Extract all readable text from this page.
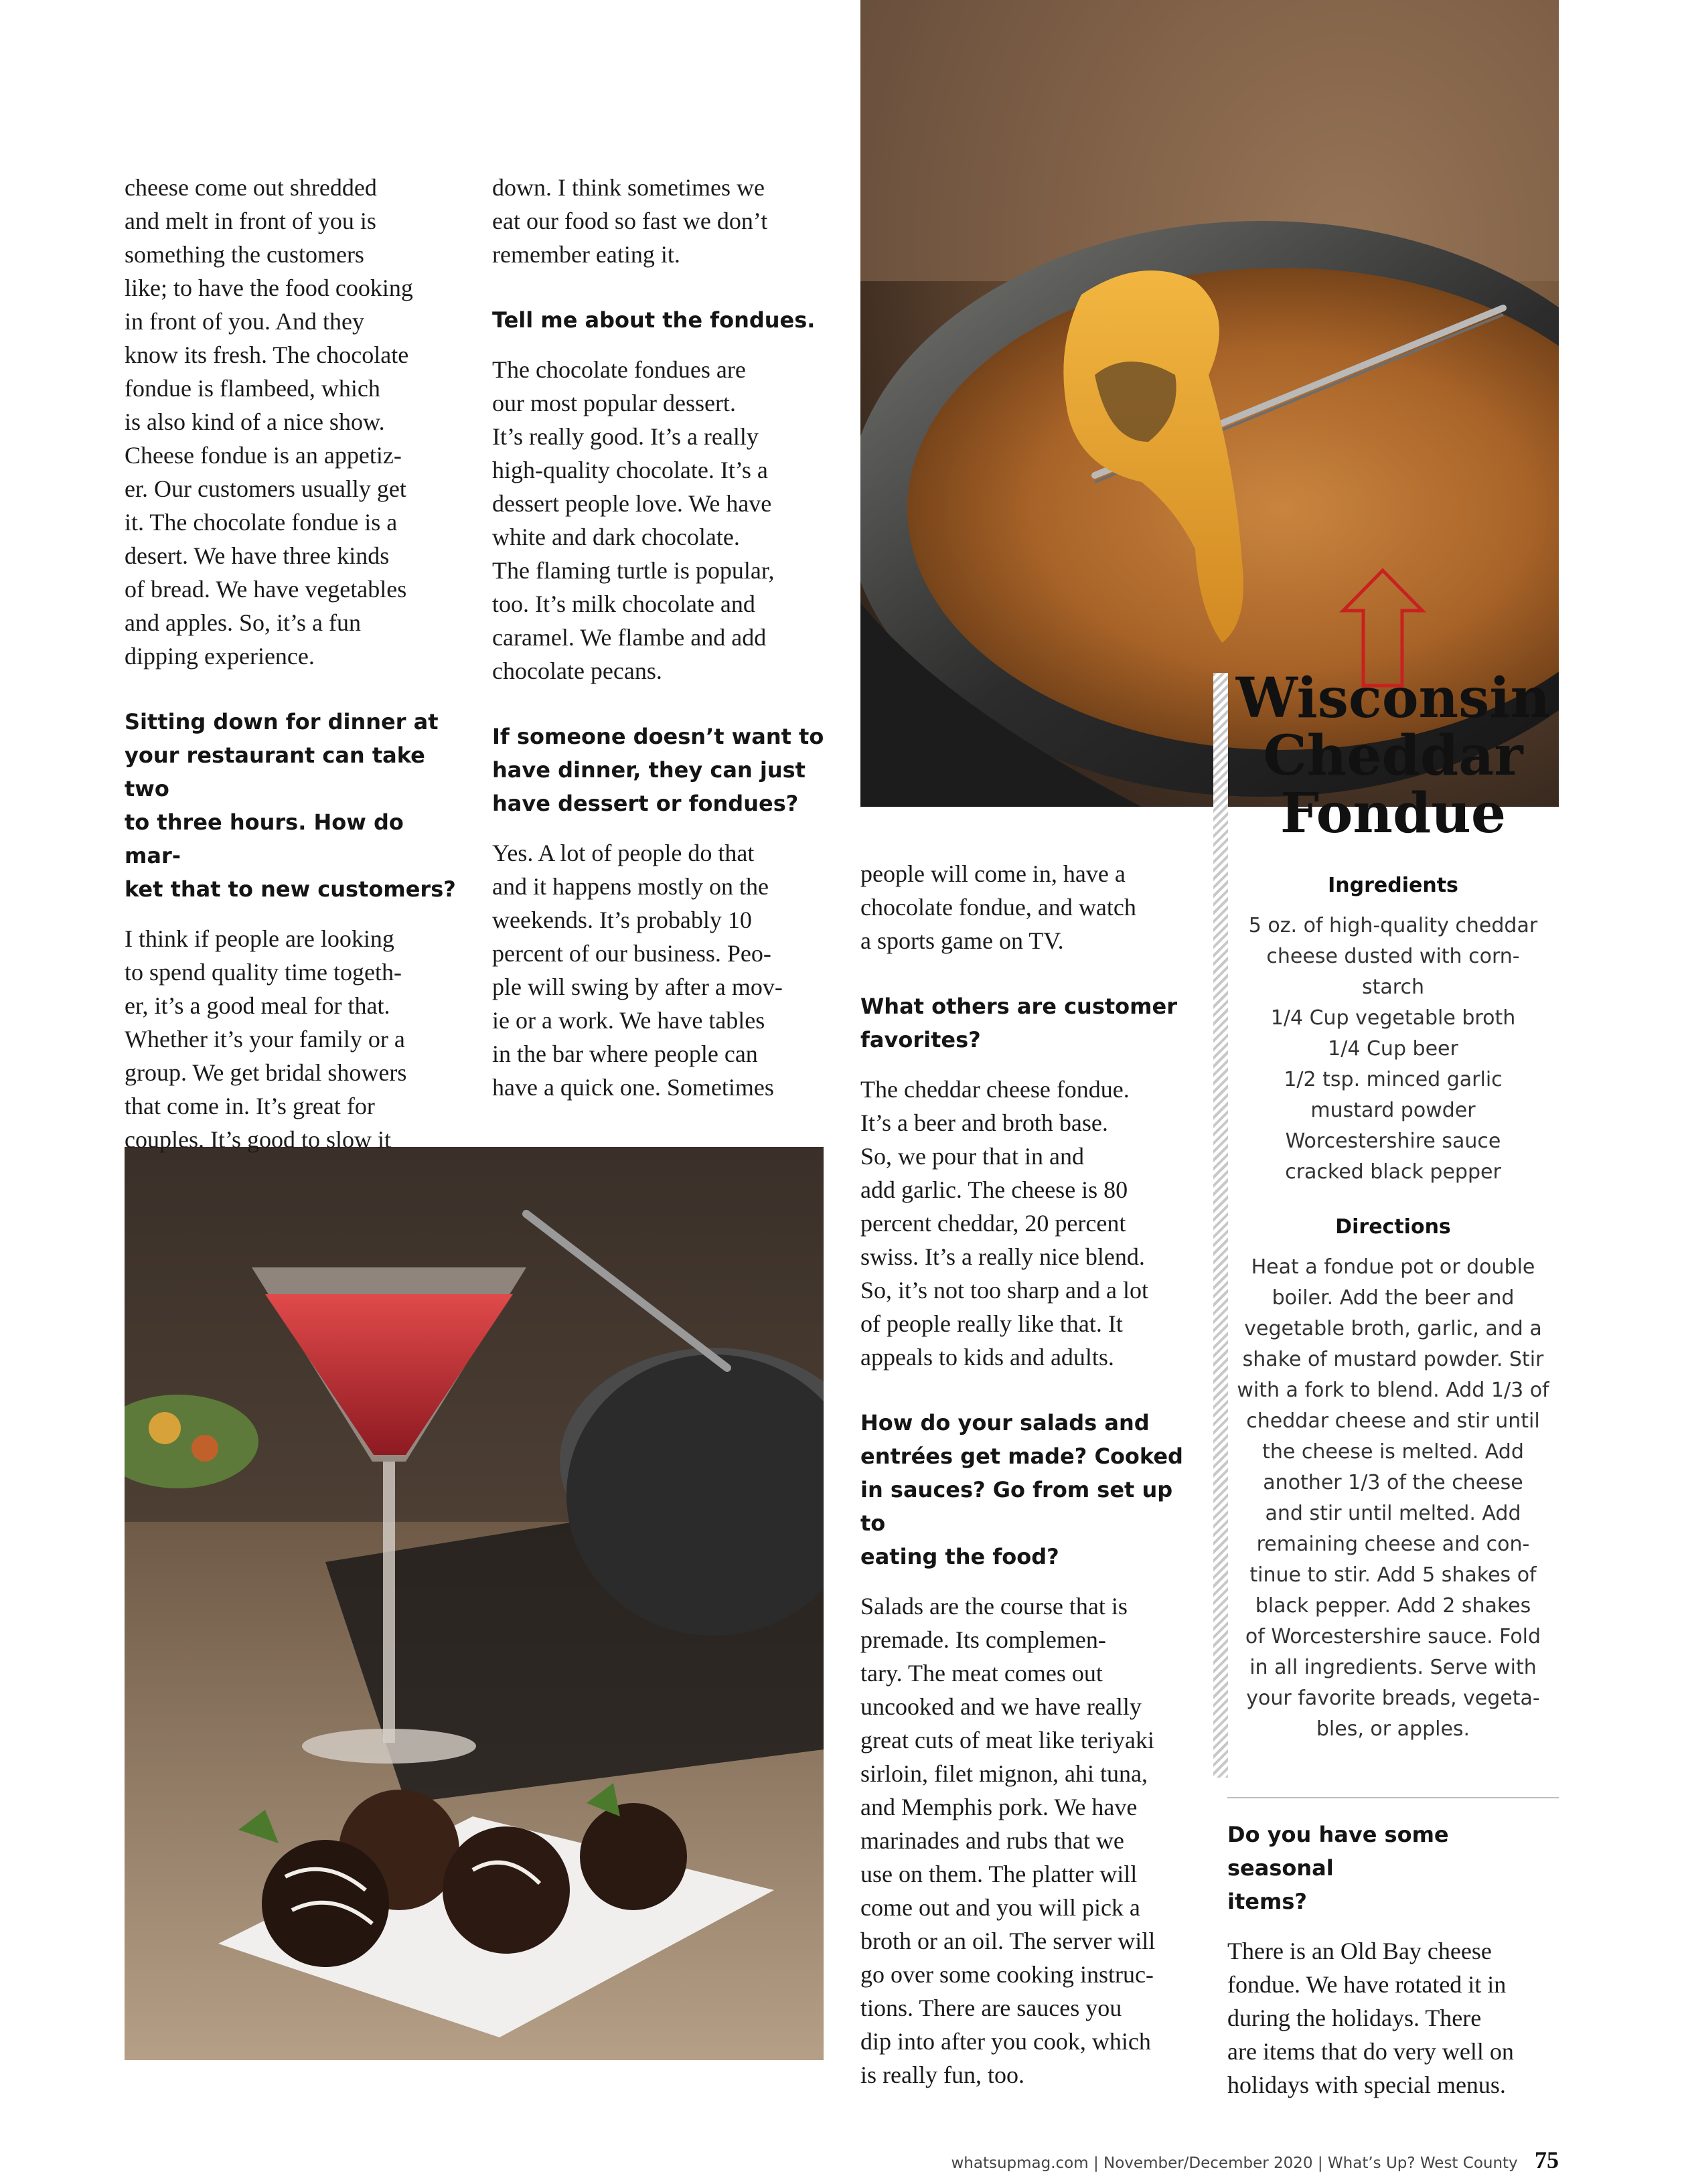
cheese come out shredded

and melt in front of you is

something the customers

like; to have the food cooking

in front of you. And they

know its fresh. The chocolate

fondue is flambeed, which

is also kind of a nice show.

Cheese fondue is an appetiz-

er. Our customers usually get

it. The chocolate fondue is a

desert. We have three kinds

of bread. We have vegetables

and apples. So, it’s a fun

dipping experience.

Sitting down for dinner at

your restaurant can take two

to three hours. How do mar-

ket that to new customers?

I think if people are looking

to spend quality time togeth-

er, it’s a good meal for that.

Whether it’s your family or a

group. We get bridal showers

that come in. It’s great for

couples. It’s good to slow it

down. I think sometimes we

eat our food so fast we don’t

remember eating it.

Tell me about the fondues.

The chocolate fondues are

our most popular dessert.

It’s really good. It’s a really

high-quality chocolate. It’s a

dessert people love. We have

white and dark chocolate.

The flaming turtle is popular,

too. It’s milk chocolate and

caramel. We flambe and add

chocolate pecans.

If someone doesn’t want to

have dinner, they can just

have dessert or fondues?

Yes. A lot of people do that

and it happens mostly on the

weekends. It’s probably 10

percent of our business. Peo-

ple will swing by after a mov-

ie or a work. We have tables

in the bar where people can

have a quick one. Sometimes

people will come in, have a

chocolate fondue, and watch

a sports game on TV.

What others are customer

favorites?

The cheddar cheese fondue.

It’s a beer and broth base.

So, we pour that in and

add garlic. The cheese is 80

percent cheddar, 20 percent

swiss. It’s a really nice blend.

So, it’s not too sharp and a lot

of people really like that. It

appeals to kids and adults.

How do your salads and

entrées get made? Cooked

in sauces? Go from set up to

eating the food?

Salads are the course that is

premade. Its complemen-

tary. The meat comes out

uncooked and we have really

great cuts of meat like teriyaki

sirloin, filet mignon, ahi tuna,

and Memphis pork. We have

marinades and rubs that we

use on them. The platter will

come out and you will pick a

broth or an oil. The server will

go over some cooking instruc-

tions. There are sauces you

dip into after you cook, which

is really fun, too.

Wisconsin

Cheddar

Fondue

Ingredients

5 oz. of high-quality cheddar

cheese dusted with corn-

starch

1/4 Cup vegetable broth

1/4 Cup beer

1/2 tsp. minced garlic

mustard powder

Worcestershire sauce

cracked black pepper

Directions

Heat a fondue pot or double

boiler. Add the beer and

vegetable broth, garlic, and a

shake of mustard powder. Stir

with a fork to blend. Add 1/3 of

cheddar cheese and stir until

the cheese is melted. Add

another 1/3 of the cheese

and stir until melted. Add

remaining cheese and con-

tinue to stir. Add 5 shakes of

black pepper. Add 2 shakes

of Worcestershire sauce. Fold

in all ingredients. Serve with

your favorite breads, vegeta-

bles, or apples.

Do you have some seasonal

items?

There is an Old Bay cheese

fondue. We have rotated it in

during the holidays. There

are items that do very well on

holidays with special menus.

whatsupmag.com | November/December 2020 | What’s Up? West County 75
